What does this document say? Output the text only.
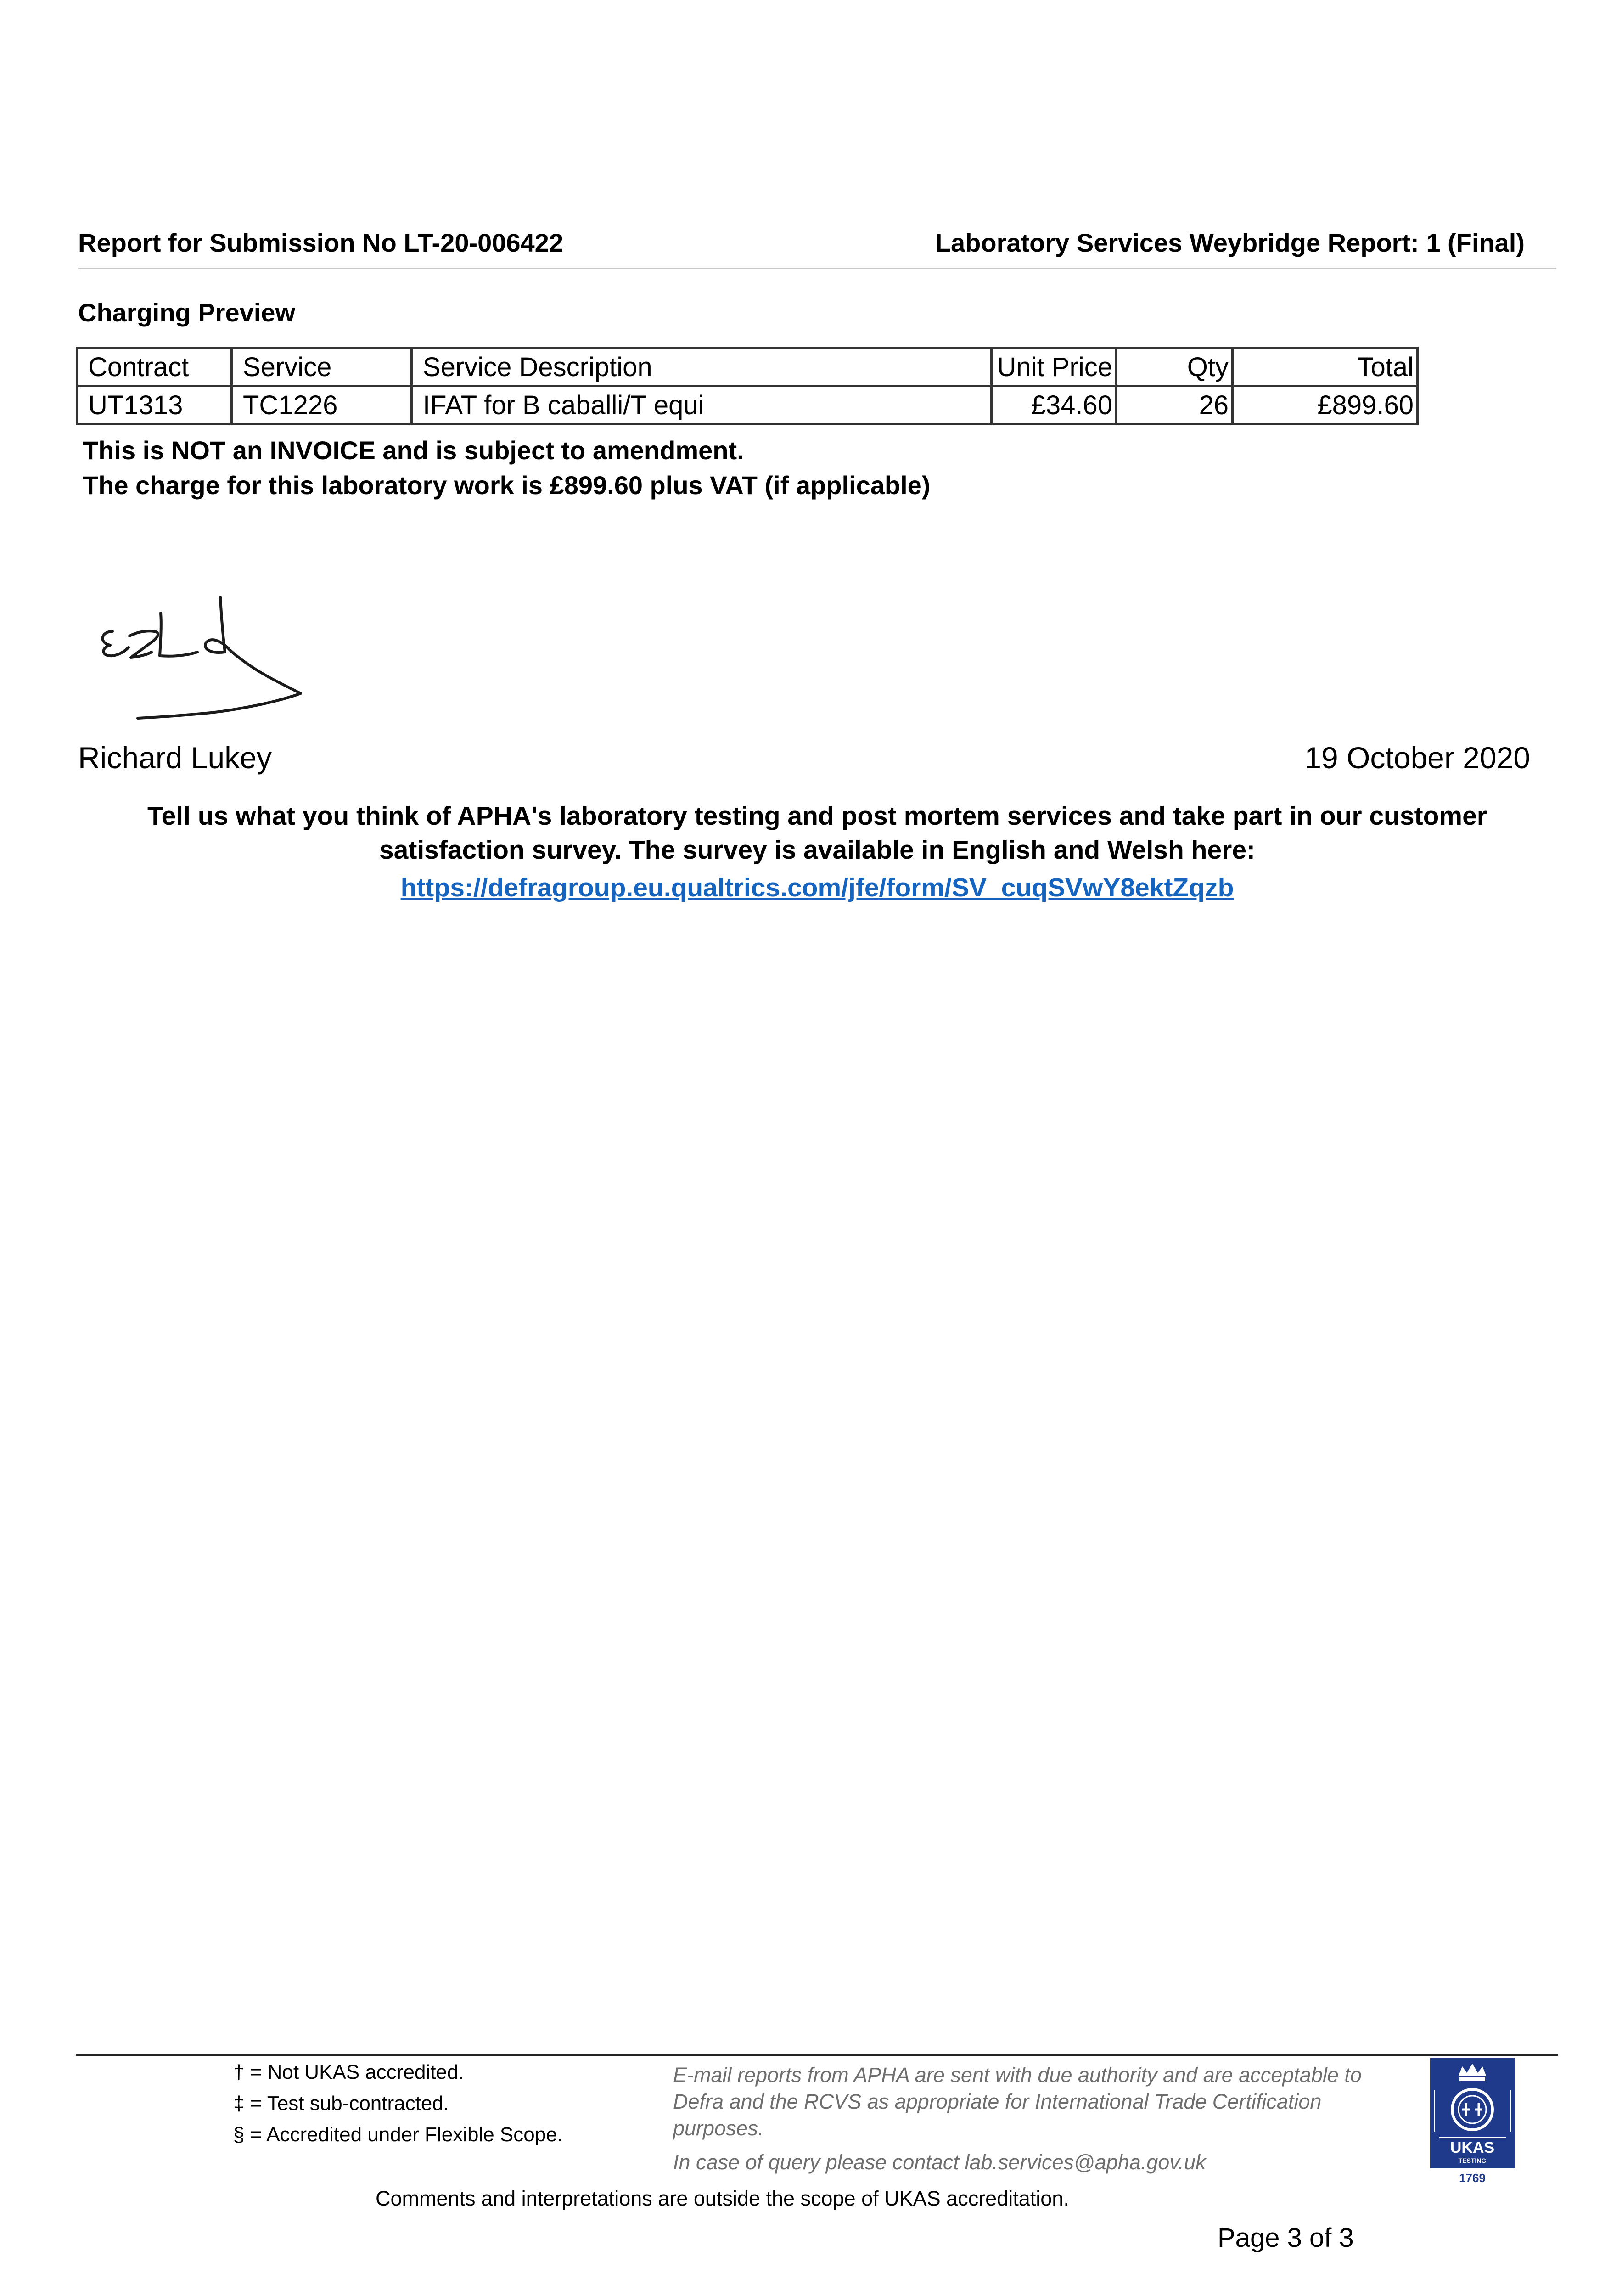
Report for Submission No LT-20-006422	Laboratory Services Weybridge Report: 1 (Final)
Charging Preview
Contract	Service	Service Description	Unit Price	Qty	Total
UT1313	TC1226	IFAT for B caballi/T equi	£34.60	26	£899.60
This is NOT an INVOICE and is subject to amendment.
The charge for this laboratory work is £899.60 plus VAT (if applicable)
Richard Lukey	19 October 2020
Tell us what you think of APHA's laboratory testing and post mortem services and take part in our customer
satisfaction survey. The survey is available in English and Welsh here:
https://defragroup.eu.qualtrics.com/jfe/form/SV_cuqSVwY8ektZqzb
† = Not UKAS accredited.
‡ = Test sub-contracted.
§ = Accredited under Flexible Scope.
E-mail reports from APHA are sent with due authority and are acceptable to Defra and the RCVS as appropriate for International Trade Certification purposes.
In case of query please contact lab.services@apha.gov.uk
Comments and interpretations are outside the scope of UKAS accreditation.
Page 3 of 3
UKAS
TESTING
1769
